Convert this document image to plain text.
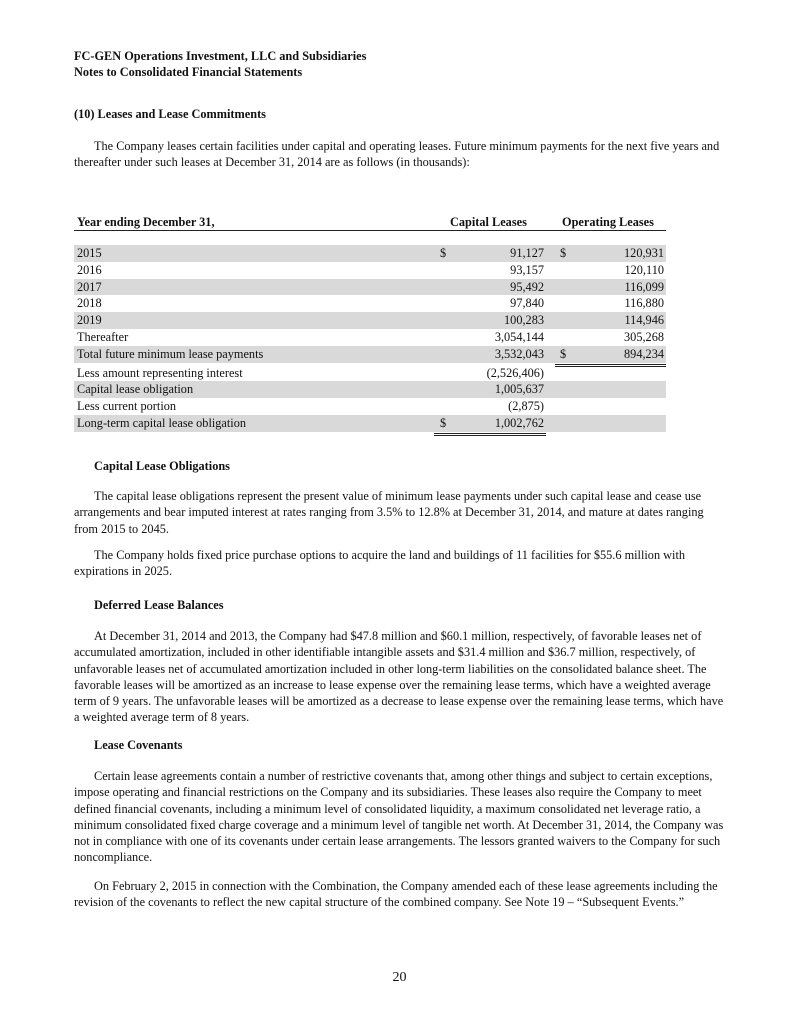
FC-GEN Operations Investment, LLC and Subsidiaries
Notes to Consolidated Financial Statements
(10) Leases and Lease Commitments
The Company leases certain facilities under capital and operating leases. Future minimum payments for the next five years and thereafter under such leases at December 31, 2014 are as follows (in thousands):
Year ending December 31,	Capital Leases	Operating Leases
2015	91,127	120,931
$	$
2016	93,157	120,110
2017	95,492	116,099
2018	97,840	116,880
2019	100,283	114,946
Thereafter	3,054,144	305,268
Total future minimum lease payments	3,532,043	894,234
$
Less amount representing interest	(2,526,406)
Capital lease obligation	1,005,637
Less current portion	(2,875)
Long-term capital lease obligation	1,002,762
$
Capital Lease Obligations
The capital lease obligations represent the present value of minimum lease payments under such capital lease and cease use arrangements and bear imputed interest at rates ranging from 3.5% to 12.8% at December 31, 2014, and mature at dates ranging from 2015 to 2045.
The Company holds fixed price purchase options to acquire the land and buildings of 11 facilities for $55.6 million with expirations in 2025.
Deferred Lease Balances
At December 31, 2014 and 2013, the Company had $47.8 million and $60.1 million, respectively, of favorable leases net of accumulated amortization, included in other identifiable intangible assets and $31.4 million and $36.7 million, respectively, of unfavorable leases net of accumulated amortization included in other long-term liabilities on the consolidated balance sheet. The favorable leases will be amortized as an increase to lease expense over the remaining lease terms, which have a weighted average term of 9 years. The unfavorable leases will be amortized as a decrease to lease expense over the remaining lease terms, which have a weighted average term of 8 years.
Lease Covenants
Certain lease agreements contain a number of restrictive covenants that, among other things and subject to certain exceptions, impose operating and financial restrictions on the Company and its subsidiaries. These leases also require the Company to meet defined financial covenants, including a minimum level of consolidated liquidity, a maximum consolidated net leverage ratio, a minimum consolidated fixed charge coverage and a minimum level of tangible net worth. At December 31, 2014, the Company was not in compliance with one of its covenants under certain lease arrangements. The lessors granted waivers to the Company for such noncompliance.
On February 2, 2015 in connection with the Combination, the Company amended each of these lease agreements including the revision of the covenants to reflect the new capital structure of the combined company. See Note 19 – “Subsequent Events.”
20
